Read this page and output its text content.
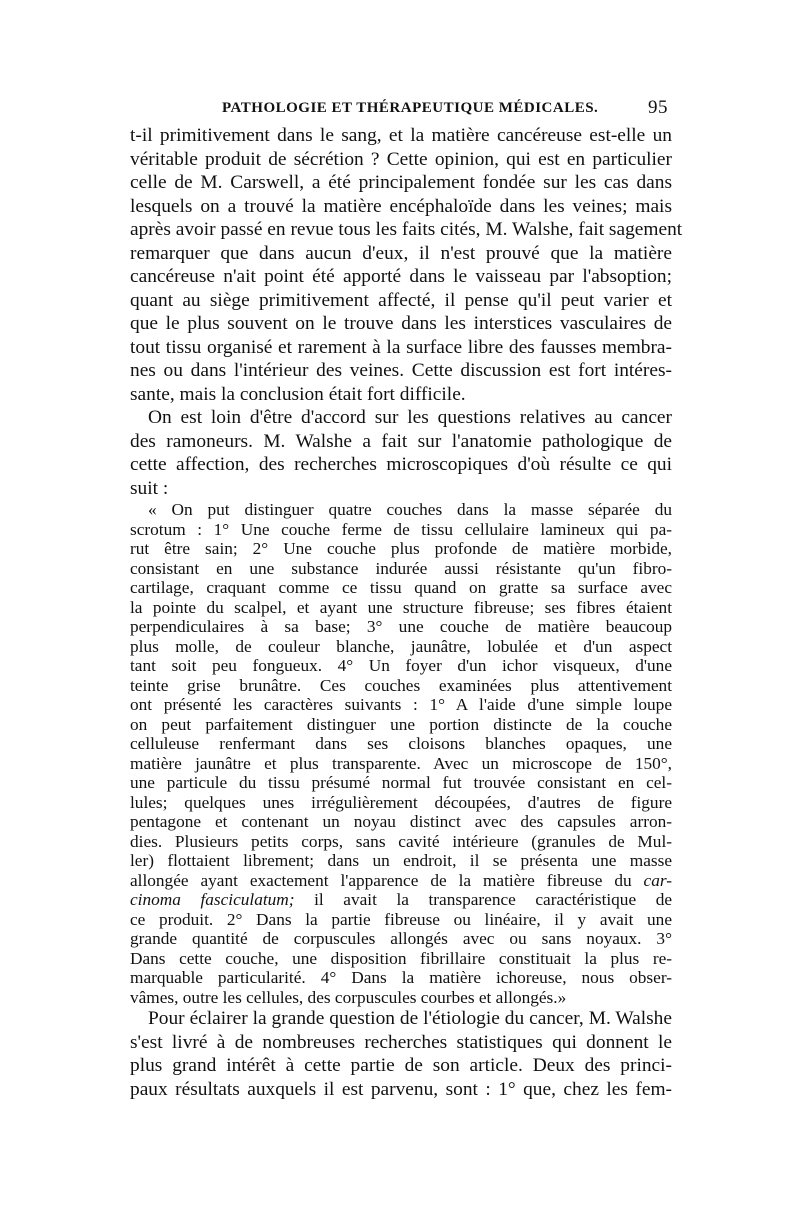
PATHOLOGIE ET THÉRAPEUTIQUE MÉDICALES.	95
t-il primitivement dans le sang, et la matière cancéreuse est-elle un
véritable produit de sécrétion ? Cette opinion, qui est en particulier
celle de M. Carswell, a été principalement fondée sur les cas dans
lesquels on a trouvé la matière encéphaloïde dans les veines; mais
après avoir passé en revue tous les faits cités, M. Walshe, fait sagement
remarquer que dans aucun d'eux, il n'est prouvé que la matière
cancéreuse n'ait point été apporté dans le vaisseau par l'absoption;
quant au siège primitivement affecté, il pense qu'il peut varier et
que le plus souvent on le trouve dans les interstices vasculaires de
tout tissu organisé et rarement à la surface libre des fausses membra-
nes ou dans l'intérieur des veines. Cette discussion est fort intéres-
sante, mais la conclusion était fort difficile.
On est loin d'être d'accord sur les questions relatives au cancer
des ramoneurs. M. Walshe a fait sur l'anatomie pathologique de
cette affection, des recherches microscopiques d'où résulte ce qui
suit :
« On put distinguer quatre couches dans la masse séparée du
scrotum : 1° Une couche ferme de tissu cellulaire lamineux qui pa-
rut être sain; 2° Une couche plus profonde de matière morbide,
consistant en une substance indurée aussi résistante qu'un fibro-
cartilage, craquant comme ce tissu quand on gratte sa surface avec
la pointe du scalpel, et ayant une structure fibreuse; ses fibres étaient
perpendiculaires à sa base; 3° une couche de matière beaucoup
plus molle, de couleur blanche, jaunâtre, lobulée et d'un aspect
tant soit peu fongueux. 4° Un foyer d'un ichor visqueux, d'une
teinte grise brunâtre. Ces couches examinées plus attentivement
ont présenté les caractères suivants : 1° A l'aide d'une simple loupe
on peut parfaitement distinguer une portion distincte de la couche
celluleuse renfermant dans ses cloisons blanches opaques, une
matière jaunâtre et plus transparente. Avec un microscope de 150°,
une particule du tissu présumé normal fut trouvée consistant en cel-
lules; quelques unes irrégulièrement découpées, d'autres de figure
pentagone et contenant un noyau distinct avec des capsules arron-
dies. Plusieurs petits corps, sans cavité intérieure (granules de Mul-
ler) flottaient librement; dans un endroit, il se présenta une masse
allongée ayant exactement l'apparence de la matière fibreuse du car-
cinoma fasciculatum; il avait la transparence caractéristique de
ce produit. 2° Dans la partie fibreuse ou linéaire, il y avait une
grande quantité de corpuscules allongés avec ou sans noyaux. 3°
Dans cette couche, une disposition fibrillaire constituait la plus re-
marquable particularité. 4° Dans la matière ichoreuse, nous obser-
vâmes, outre les cellules, des corpuscules courbes et allongés.»
Pour éclairer la grande question de l'étiologie du cancer, M. Walshe
s'est livré à de nombreuses recherches statistiques qui donnent le
plus grand intérêt à cette partie de son article. Deux des princi-
paux résultats auxquels il est parvenu, sont : 1° que, chez les fem-
